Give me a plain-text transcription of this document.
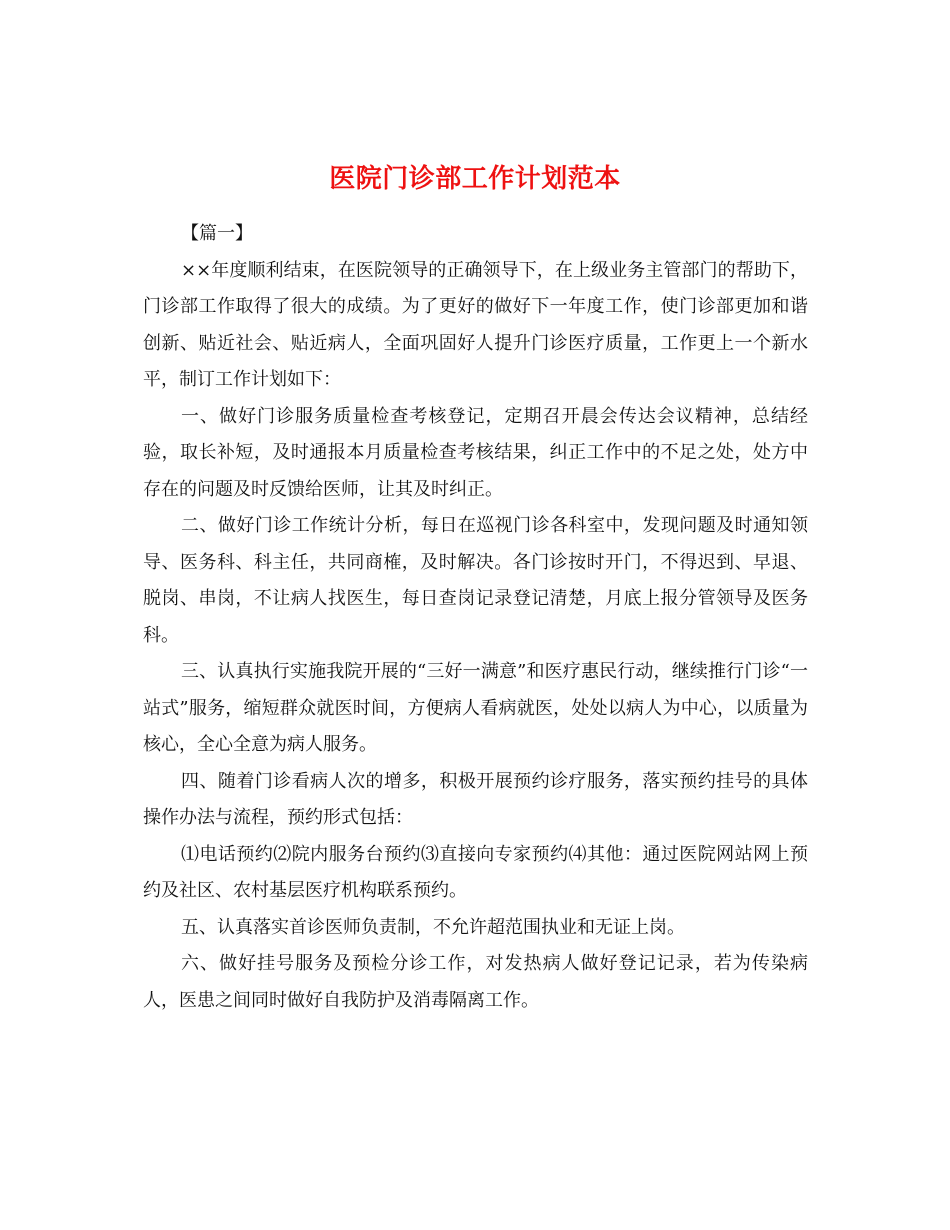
医院门诊部工作计划范本

【篇一】

××年度顺利结束，在医院领导的正确领导下，在上级业务主管部门的帮助下，门诊部工作取得了很大的成绩。为了更好的做好下一年度工作，使门诊部更加和谐创新、贴近社会、贴近病人，全面巩固好人提升门诊医疗质量，工作更上一个新水平，制订工作计划如下：

一、做好门诊服务质量检查考核登记，定期召开晨会传达会议精神，总结经验，取长补短，及时通报本月质量检查考核结果，纠正工作中的不足之处，处方中存在的问题及时反馈给医师，让其及时纠正。

二、做好门诊工作统计分析，每日在巡视门诊各科室中，发现问题及时通知领导、医务科、科主任，共同商榷，及时解决。各门诊按时开门，不得迟到、早退、脱岗、串岗，不让病人找医生，每日查岗记录登记清楚，月底上报分管领导及医务科。

三、认真执行实施我院开展的“三好一满意”和医疗惠民行动，继续推行门诊“一站式”服务，缩短群众就医时间，方便病人看病就医，处处以病人为中心，以质量为核心，全心全意为病人服务。

四、随着门诊看病人次的增多，积极开展预约诊疗服务，落实预约挂号的具体操作办法与流程，预约形式包括：

⑴电话预约⑵院内服务台预约⑶直接向专家预约⑷其他：通过医院网站网上预约及社区、农村基层医疗机构联系预约。

五、认真落实首诊医师负责制，不允许超范围执业和无证上岗。

六、做好挂号服务及预检分诊工作，对发热病人做好登记记录，若为传染病人，医患之间同时做好自我防护及消毒隔离工作。
